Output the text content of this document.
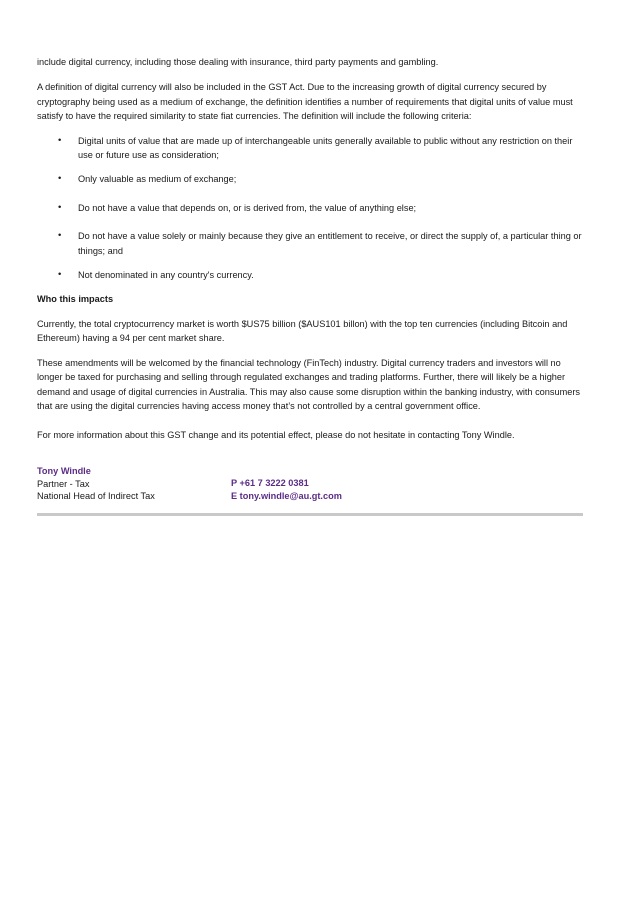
include digital currency, including those dealing with insurance, third party payments and gambling.

A definition of digital currency will also be included in the GST Act. Due to the increasing growth of digital currency secured by cryptography being used as a medium of exchange, the definition identifies a number of requirements that digital units of value must satisfy to have the required similarity to state fiat currencies. The definition will include the following criteria:

• Digital units of value that are made up of interchangeable units generally available to public without any restriction on their use or future use as consideration;
• Only valuable as medium of exchange;
• Do not have a value that depends on, or is derived from, the value of anything else;
• Do not have a value solely or mainly because they give an entitlement to receive, or direct the supply of, a particular thing or things; and
• Not denominated in any country's currency.

Who this impacts

Currently, the total cryptocurrency market is worth $US75 billion ($AUS101 billon) with the top ten currencies (including Bitcoin and Ethereum) having a 94 per cent market share.

These amendments will be welcomed by the financial technology (FinTech) industry. Digital currency traders and investors will no longer be taxed for purchasing and selling through regulated exchanges and trading platforms. Further, there will likely be a higher demand and usage of digital currencies in Australia. This may also cause some disruption within the banking industry, with consumers that are using the digital currencies having access money that’s not controlled by a central government office.

For more information about this GST change and its potential effect, please do not hesitate in contacting Tony Windle.

Tony Windle
Partner - Tax
National Head of Indirect Tax
P +61 7 3222 0381
E tony.windle@au.gt.com
